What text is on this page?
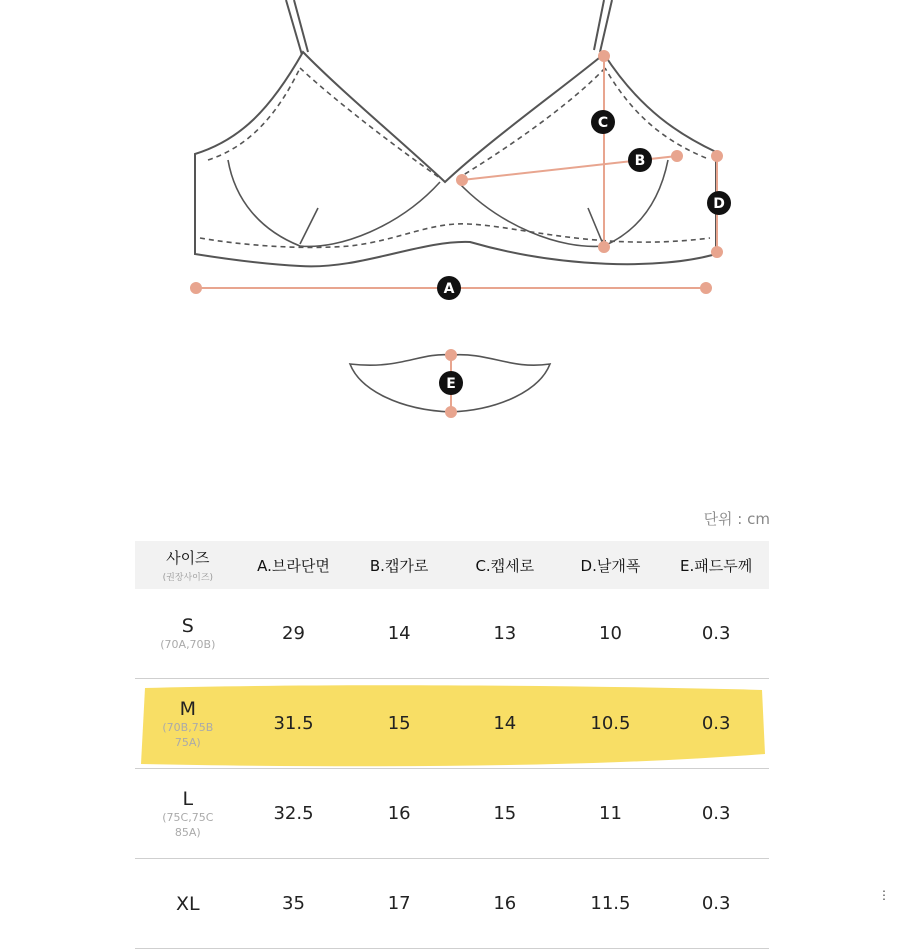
A
B
C
D
E
단위 : cm
사이즈
(권장사이즈)	A.브라단면	B.캡가로	C.캡세로	D.날개폭	E.패드두께

S
(70A,70B)	29	14	13	10	0.3

M
(70B,75B
75A)	31.5	15	14	10.5	0.3

L
(75C,75C
85A)	32.5	16	15	11	0.3

XL	35	17	16	11.5	0.3	⋮
